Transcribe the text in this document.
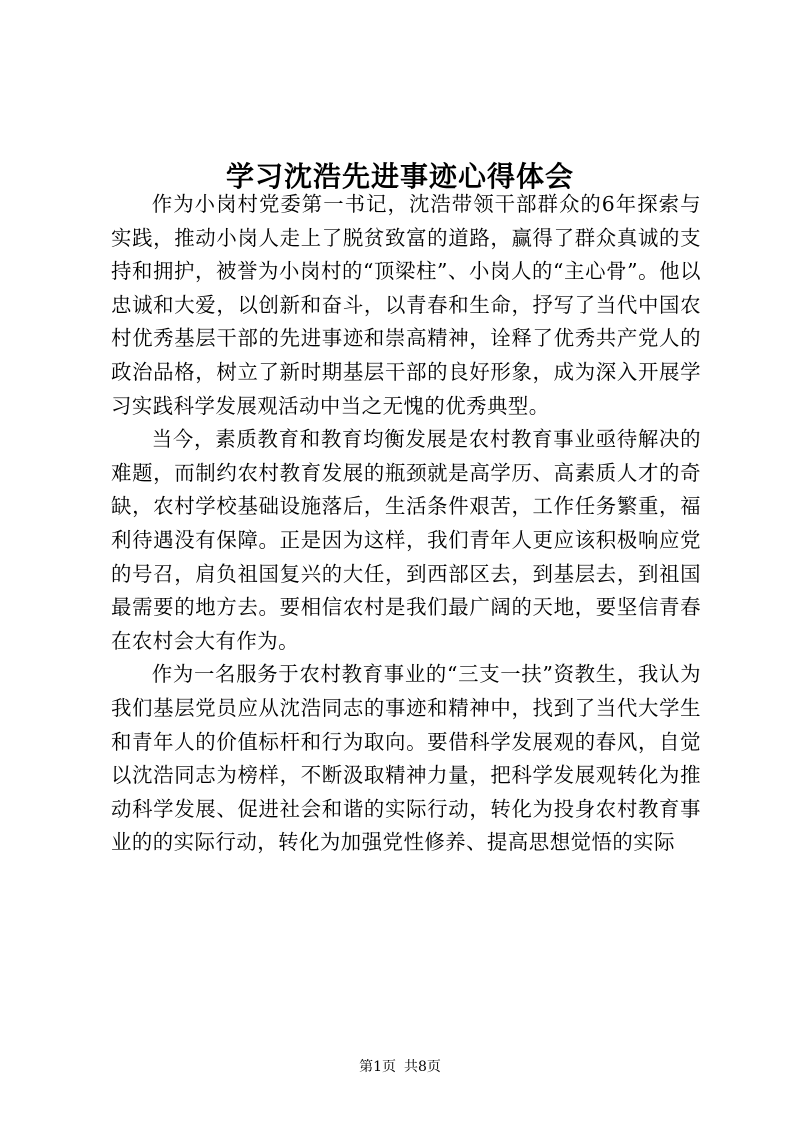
学习沈浩先进事迹心得体会

作为小岗村党委第一书记，沈浩带领干部群众的6年探索与实践，推动小岗人走上了脱贫致富的道路，赢得了群众真诚的支持和拥护，被誉为小岗村的“顶梁柱”、小岗人的“主心骨”。他以忠诚和大爱，以创新和奋斗，以青春和生命，抒写了当代中国农村优秀基层干部的先进事迹和崇高精神，诠释了优秀共产党人的政治品格，树立了新时期基层干部的良好形象，成为深入开展学习实践科学发展观活动中当之无愧的优秀典型。

当今，素质教育和教育均衡发展是农村教育事业亟待解决的难题，而制约农村教育发展的瓶颈就是高学历、高素质人才的奇缺，农村学校基础设施落后，生活条件艰苦，工作任务繁重，福利待遇没有保障。正是因为这样，我们青年人更应该积极响应党的号召，肩负祖国复兴的大任，到西部区去，到基层去，到祖国最需要的地方去。要相信农村是我们最广阔的天地，要坚信青春在农村会大有作为。

作为一名服务于农村教育事业的“三支一扶”资教生，我认为我们基层党员应从沈浩同志的事迹和精神中，找到了当代大学生和青年人的价值标杆和行为取向。要借科学发展观的春风，自觉以沈浩同志为榜样，不断汲取精神力量，把科学发展观转化为推动科学发展、促进社会和谐的实际行动，转化为投身农村教育事业的的实际行动，转化为加强党性修养、提高思想觉悟的实际

第1页 共8页
